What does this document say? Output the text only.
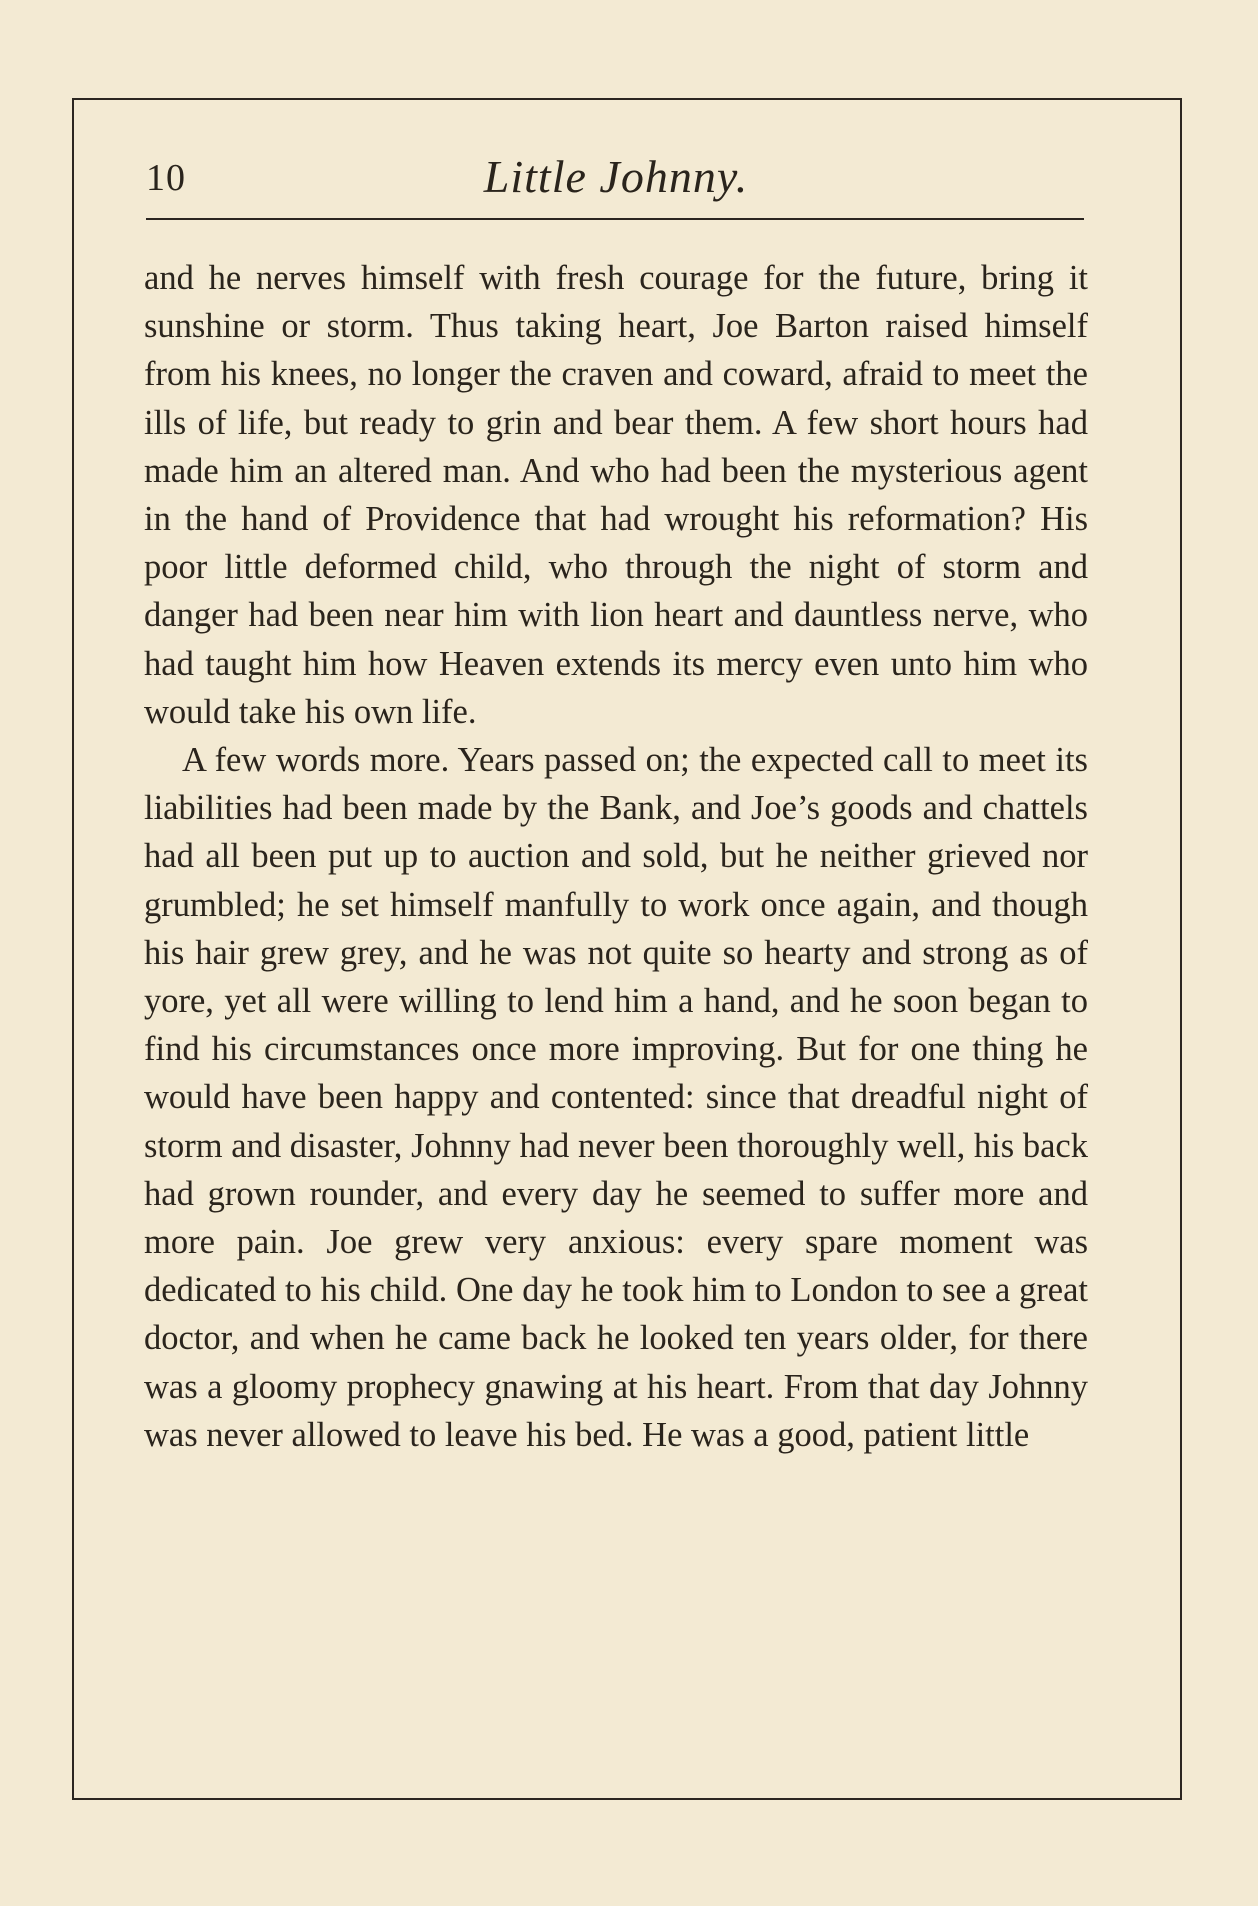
10	Little Johnny.

and he nerves himself with fresh courage for the future, bring it sunshine or storm. Thus taking heart, Joe Barton raised himself from his knees, no longer the craven and coward, afraid to meet the ills of life, but ready to grin and bear them. A few short hours had made him an altered man. And who had been the mysterious agent in the hand of Providence that had wrought his reformation? His poor little deformed child, who through the night of storm and danger had been near him with lion heart and dauntless nerve, who had taught him how Heaven extends its mercy even unto him who would take his own life.

A few words more. Years passed on; the expected call to meet its liabilities had been made by the Bank, and Joe’s goods and chattels had all been put up to auction and sold, but he neither grieved nor grumbled; he set himself manfully to work once again, and though his hair grew grey, and he was not quite so hearty and strong as of yore, yet all were willing to lend him a hand, and he soon began to find his circumstances once more improving. But for one thing he would have been happy and contented: since that dreadful night of storm and disaster, Johnny had never been thoroughly well, his back had grown rounder, and every day he seemed to suffer more and more pain. Joe grew very anxious: every spare moment was dedicated to his child. One day he took him to London to see a great doctor, and when he came back he looked ten years older, for there was a gloomy prophecy gnawing at his heart. From that day Johnny was never allowed to leave his bed. He was a good, patient little
